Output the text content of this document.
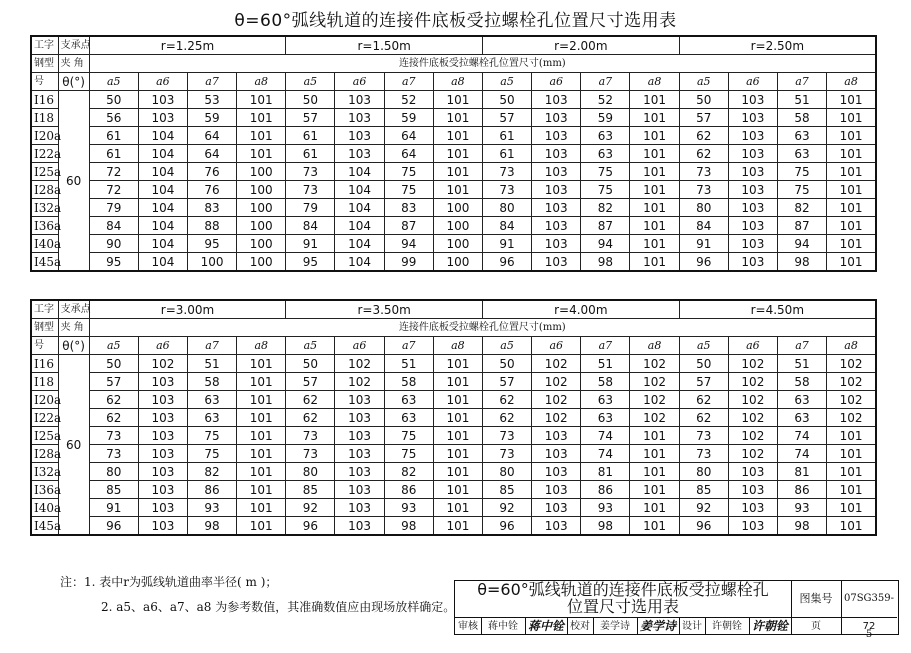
θ=60°弧线轨道的连接件底板受拉螺栓孔位置尺寸选用表
工字	支承点	r=1.25m				r=1.50m				r=2.00m				r=2.50m			
钢型	夹 角	连接件底板受拉螺栓孔位置尺寸(mm)															
号	θ(°)	a5	a6	a7	a8	a5	a6	a7	a8	a5	a6	a7	a8	a5	a6	a7	a8
I16	60	50	103	53	101	50	103	52	101	50	103	52	101	50	103	51	101
I18		56	103	59	101	57	103	59	101	57	103	59	101	57	103	58	101
I20a		61	104	64	101	61	103	64	101	61	103	63	101	62	103	63	101
I22a		61	104	64	101	61	103	64	101	61	103	63	101	62	103	63	101
I25a		72	104	76	100	73	104	75	101	73	103	75	101	73	103	75	101
I28a		72	104	76	100	73	104	75	101	73	103	75	101	73	103	75	101
I32a		79	104	83	100	79	104	83	100	80	103	82	101	80	103	82	101
I36a		84	104	88	100	84	104	87	100	84	103	87	101	84	103	87	101
I40a		90	104	95	100	91	104	94	100	91	103	94	101	91	103	94	101
I45a		95	104	100	100	95	104	99	100	96	103	98	101	96	103	98	101
工字	支承点	r=3.00m				r=3.50m				r=4.00m				r=4.50m			
钢型	夹 角	连接件底板受拉螺栓孔位置尺寸(mm)															
号	θ(°)	a5	a6	a7	a8	a5	a6	a7	a8	a5	a6	a7	a8	a5	a6	a7	a8
I16	60	50	102	51	101	50	102	51	101	50	102	51	102	50	102	51	102
I18		57	103	58	101	57	102	58	101	57	102	58	102	57	102	58	102
I20a		62	103	63	101	62	103	63	101	62	102	63	102	62	102	63	102
I22a		62	103	63	101	62	103	63	101	62	102	63	102	62	102	63	102
I25a		73	103	75	101	73	103	75	101	73	103	74	101	73	102	74	101
I28a		73	103	75	101	73	103	75	101	73	103	74	101	73	102	74	101
I32a		80	103	82	101	80	103	82	101	80	103	81	101	80	103	81	101
I36a		85	103	86	101	85	103	86	101	85	103	86	101	85	103	86	101
I40a		91	103	93	101	92	103	93	101	92	103	93	101	92	103	93	101
I45a		96	103	98	101	96	103	98	101	96	103	98	101	96	103	98	101
注：1. 表中r为弧线轨道曲率半径( m )；
2. a5、a6、a7、a8 为参考数值，其准确数值应由现场放样确定。
θ=60°弧线轨道的连接件底板受拉螺栓孔
位置尺寸选用表	图集号	07SG359-5
审核	蒋中铨 蒋中铨 校对	姜学诗 姜学诗 设计	许朝铨 许朝铨	页	72
